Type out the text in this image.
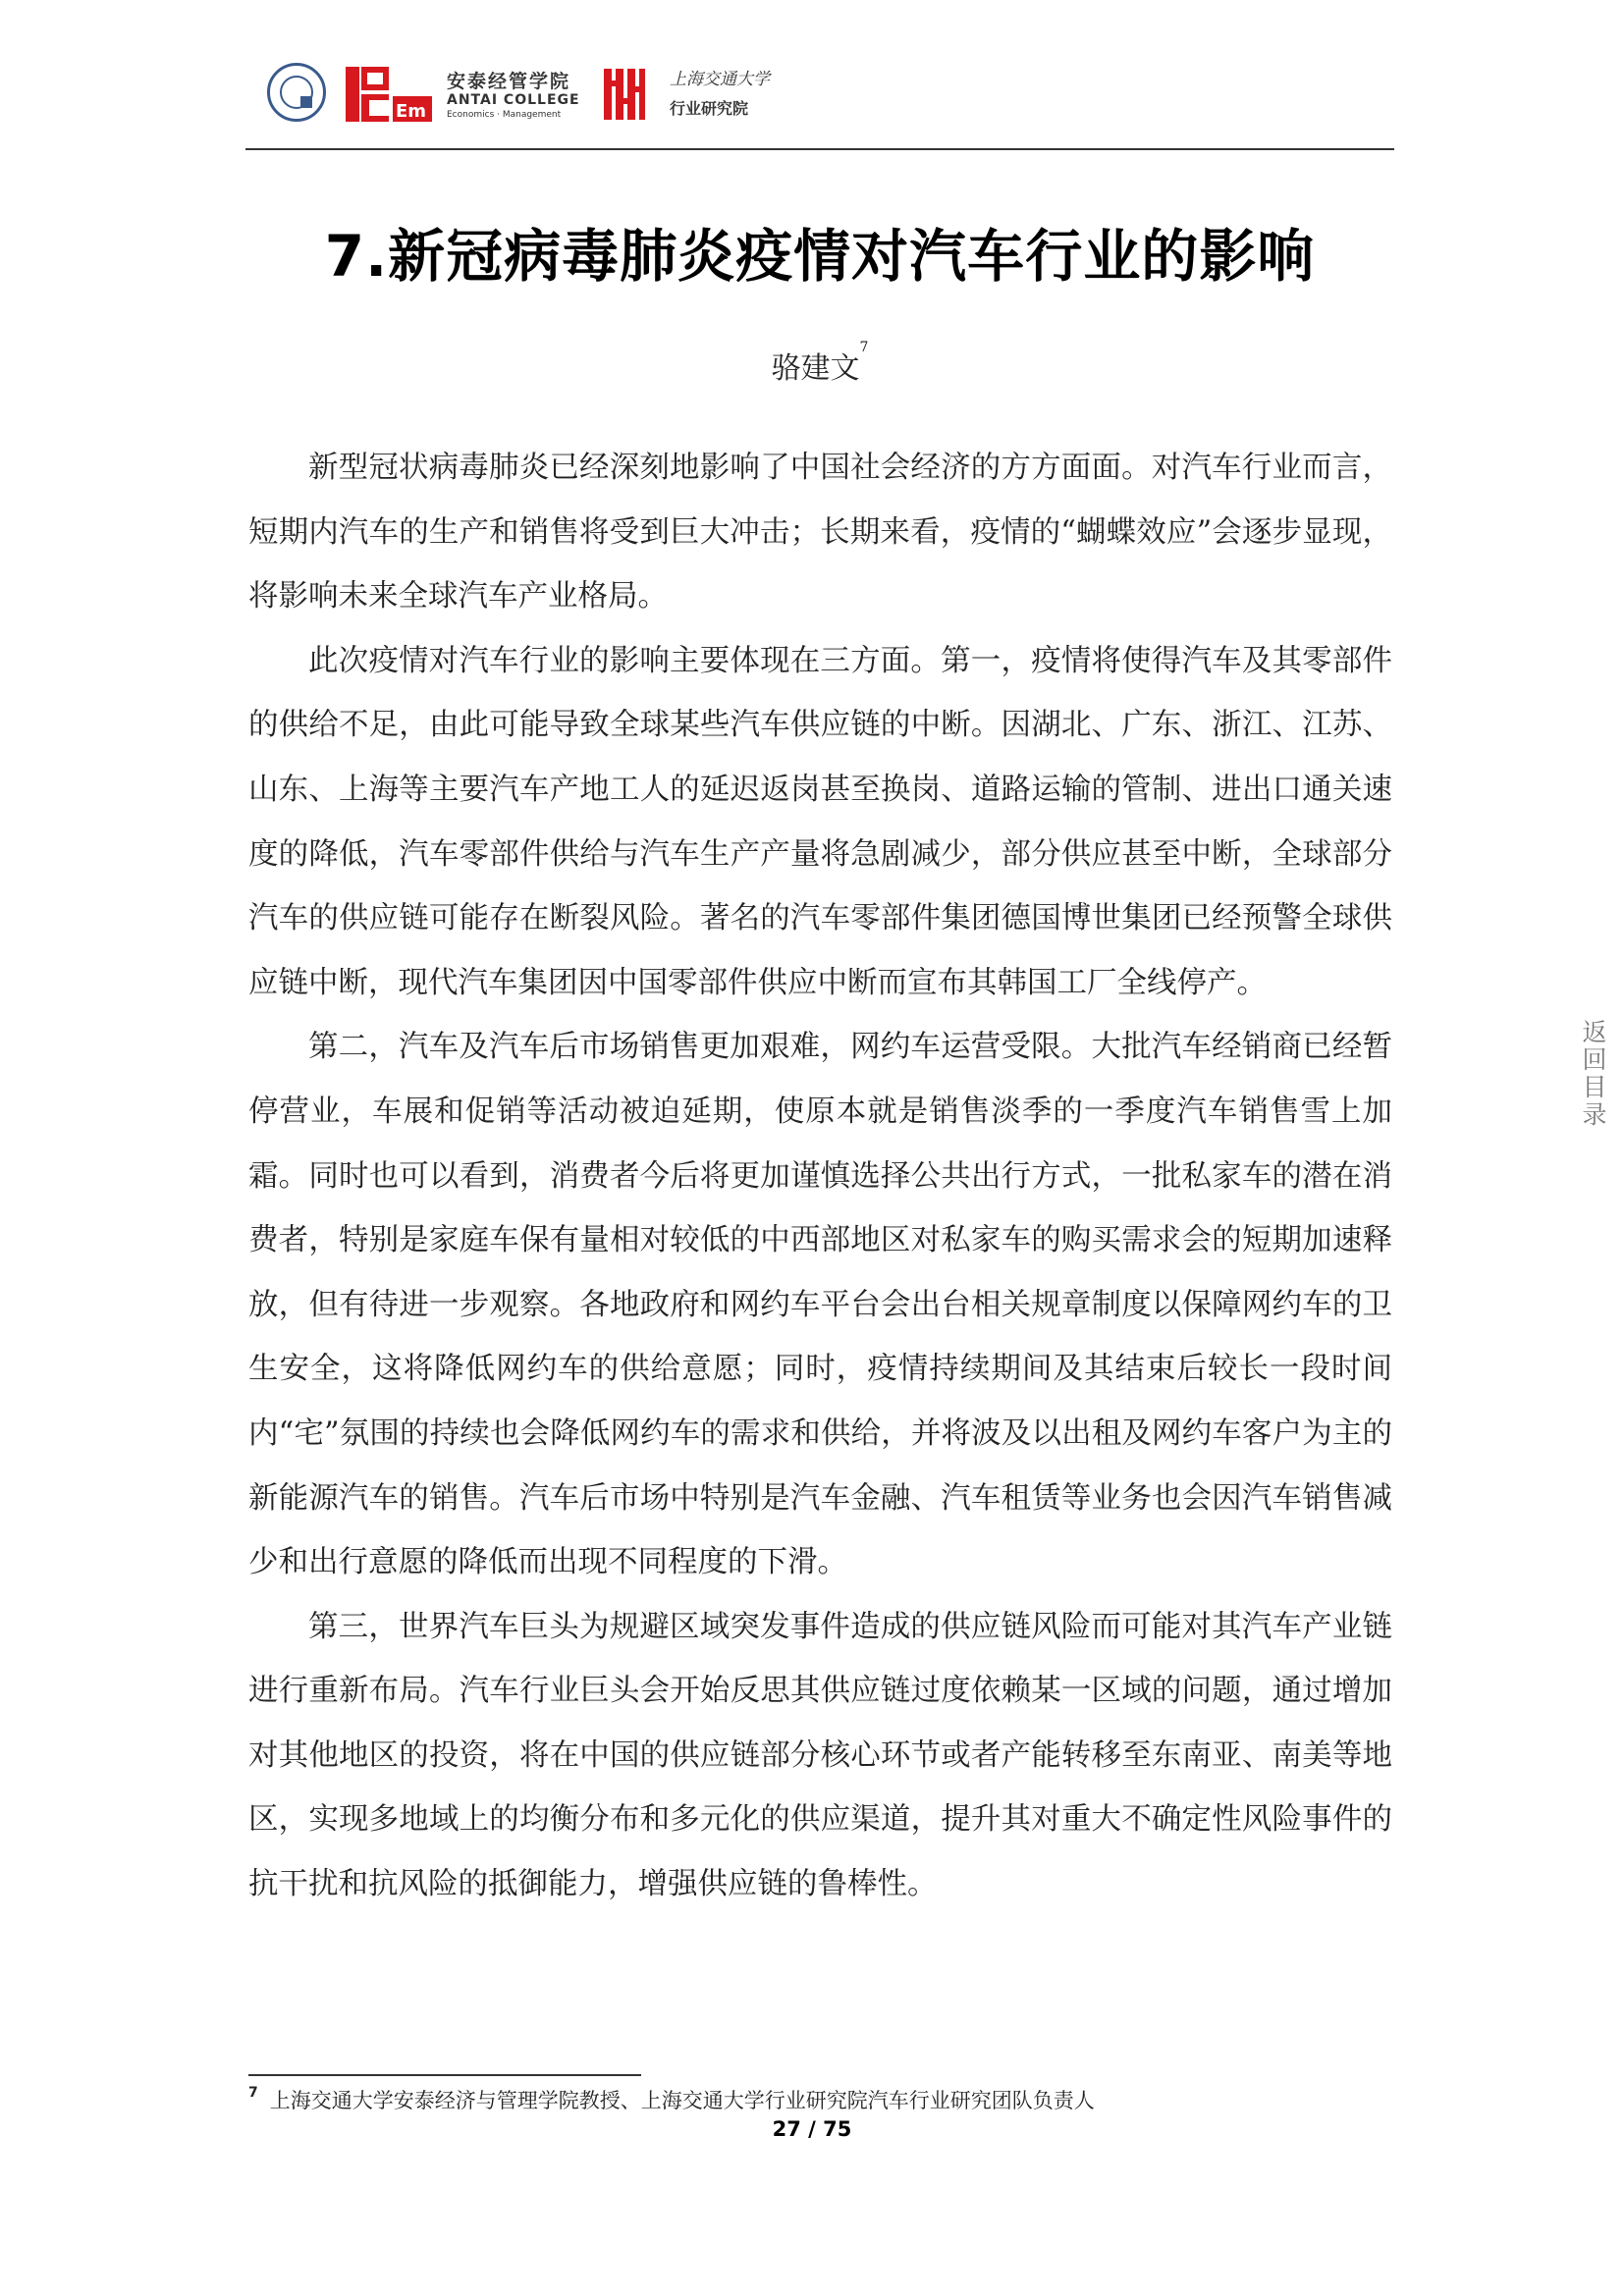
Em
安泰经管学院
ANTAI COLLEGE
Economics · Management
上海交通大学
行业研究院
7.新冠病毒肺炎疫情对汽车行业的影响
骆建文$^7$

新型冠状病毒肺炎已经深刻地影响了中国社会经济的方方面面。对汽车行业而言，短期内汽车的生产和销售将受到巨大冲击；长期来看，疫情的“蝴蝶效应”会逐步显现，将影响未来全球汽车产业格局。

此次疫情对汽车行业的影响主要体现在三方面。第一，疫情将使得汽车及其零部件的供给不足，由此可能导致全球某些汽车供应链的中断。因湖北、广东、浙江、江苏、山东、上海等主要汽车产地工人的延迟返岗甚至换岗、道路运输的管制、进出口通关速度的降低，汽车零部件供给与汽车生产产量将急剧减少，部分供应甚至中断，全球部分汽车的供应链可能存在断裂风险。著名的汽车零部件集团德国博世集团已经预警全球供应链中断，现代汽车集团因中国零部件供应中断而宣布其韩国工厂全线停产。

第二，汽车及汽车后市场销售更加艰难，网约车运营受限。大批汽车经销商已经暂停营业，车展和促销等活动被迫延期，使原本就是销售淡季的一季度汽车销售雪上加霜。同时也可以看到，消费者今后将更加谨慎选择公共出行方式，一批私家车的潜在消费者，特别是家庭车保有量相对较低的中西部地区对私家车的购买需求会的短期加速释放，但有待进一步观察。各地政府和网约车平台会出台相关规章制度以保障网约车的卫生安全，这将降低网约车的供给意愿；同时，疫情持续期间及其结束后较长一段时间内“宅”氛围的持续也会降低网约车的需求和供给，并将波及以出租及网约车客户为主的新能源汽车的销售。汽车后市场中特别是汽车金融、汽车租赁等业务也会因汽车销售减少和出行意愿的降低而出现不同程度的下滑。

第三，世界汽车巨头为规避区域突发事件造成的供应链风险而可能对其汽车产业链进行重新布局。汽车行业巨头会开始反思其供应链过度依赖某一区域的问题，通过增加对其他地区的投资，将在中国的供应链部分核心环节或者产能转移至东南亚、南美等地区，实现多地域上的均衡分布和多元化的供应渠道，提升其对重大不确定性风险事件的抗干扰和抗风险的抵御能力，增强供应链的鲁棒性。

返
回
目
录
$^7$ 上海交通大学安泰经济与管理学院教授、上海交通大学行业研究院汽车行业研究团队负责人
27 / 75
